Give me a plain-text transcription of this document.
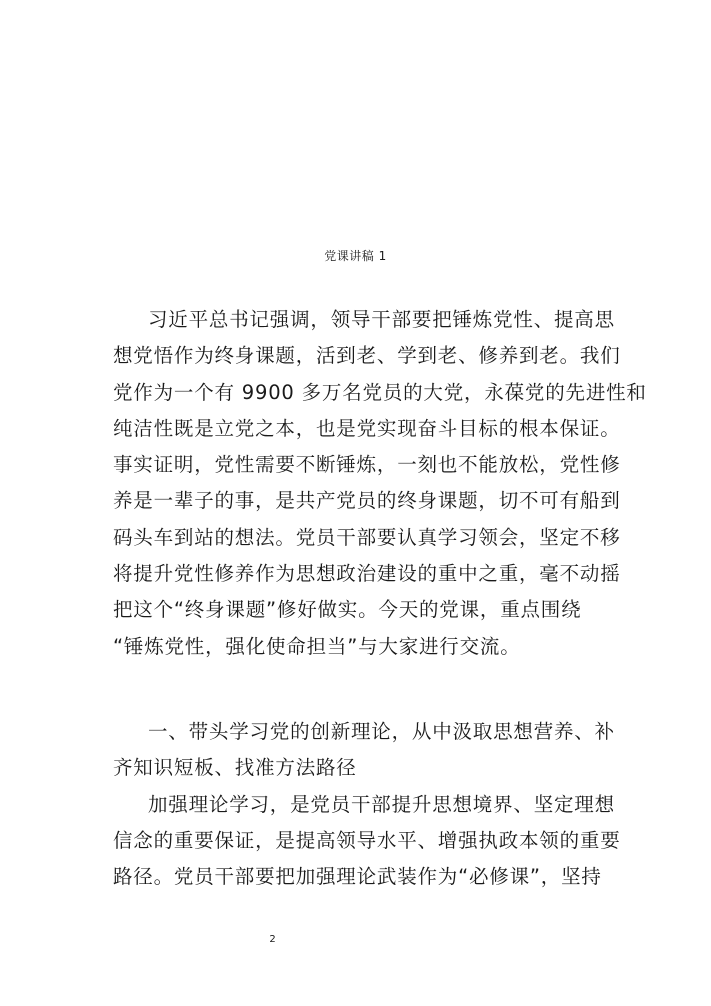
党课讲稿 1
习近平总书记强调，领导干部要把锤炼党性、提高思
想党悟作为终身课题，活到老、学到老、修养到老。我们
党作为一个有 9900 多万名党员的大党，永葆党的先进性和
纯洁性既是立党之本，也是党实现奋斗目标的根本保证。
事实证明，党性需要不断锤炼，一刻也不能放松，党性修
养是一辈子的事，是共产党员的终身课题，切不可有船到
码头车到站的想法。党员干部要认真学习领会，坚定不移
将提升党性修养作为思想政治建设的重中之重，毫不动摇
把这个“终身课题”修好做实。今天的党课，重点围绕
“锤炼党性，强化使命担当”与大家进行交流。
一、带头学习党的创新理论，从中汲取思想营养、补
齐知识短板、找准方法路径
加强理论学习，是党员干部提升思想境界、坚定理想
信念的重要保证，是提高领导水平、增强执政本领的重要
路径。党员干部要把加强理论武装作为“必修课”，坚持
2
